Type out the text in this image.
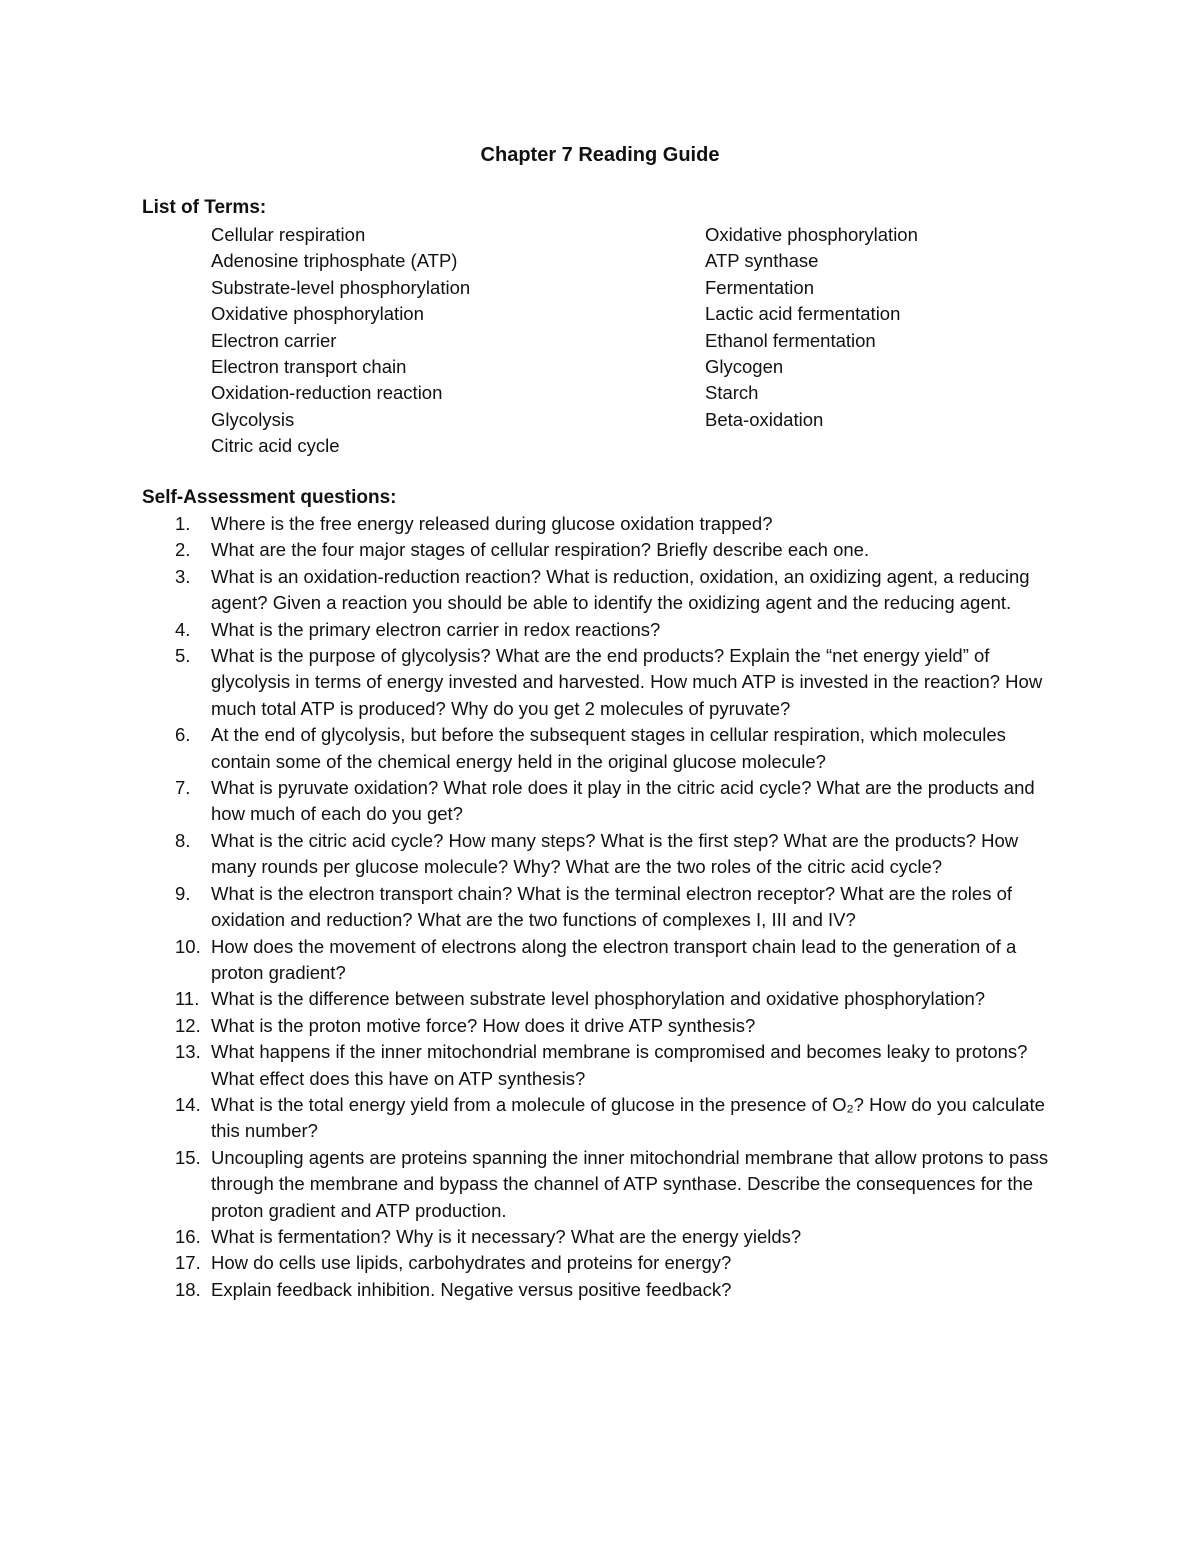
Chapter 7 Reading Guide
List of Terms:
Cellular respiration
Adenosine triphosphate (ATP)
Substrate-level phosphorylation
Oxidative phosphorylation
Electron carrier
Electron transport chain
Oxidation-reduction reaction
Glycolysis
Citric acid cycle
Oxidative phosphorylation
ATP synthase
Fermentation
Lactic acid fermentation
Ethanol fermentation
Glycogen
Starch
Beta-oxidation
Self-Assessment questions:
1.	Where is the free energy released during glucose oxidation trapped?
2.	What are the four major stages of cellular respiration? Briefly describe each one.
3.	What is an oxidation-reduction reaction? What is reduction, oxidation, an oxidizing agent, a reducing agent? Given a reaction you should be able to identify the oxidizing agent and the reducing agent.
4.	What is the primary electron carrier in redox reactions?
5.	What is the purpose of glycolysis? What are the end products? Explain the “net energy yield” of glycolysis in terms of energy invested and harvested. How much ATP is invested in the reaction? How much total ATP is produced? Why do you get 2 molecules of pyruvate?
6.	At the end of glycolysis, but before the subsequent stages in cellular respiration, which molecules contain some of the chemical energy held in the original glucose molecule?
7.	What is pyruvate oxidation? What role does it play in the citric acid cycle? What are the products and how much of each do you get?
8.	What is the citric acid cycle? How many steps? What is the first step? What are the products? How many rounds per glucose molecule? Why? What are the two roles of the citric acid cycle?
9.	What is the electron transport chain? What is the terminal electron receptor? What are the roles of oxidation and reduction? What are the two functions of complexes I, III and IV?
10. How does the movement of electrons along the electron transport chain lead to the generation of a proton gradient?
11. What is the difference between substrate level phosphorylation and oxidative phosphorylation?
12. What is the proton motive force? How does it drive ATP synthesis?
13. What happens if the inner mitochondrial membrane is compromised and becomes leaky to protons? What effect does this have on ATP synthesis?
14. What is the total energy yield from a molecule of glucose in the presence of O₂? How do you calculate this number?
15. Uncoupling agents are proteins spanning the inner mitochondrial membrane that allow protons to pass through the membrane and bypass the channel of ATP synthase. Describe the consequences for the proton gradient and ATP production.
16. What is fermentation? Why is it necessary? What are the energy yields?
17. How do cells use lipids, carbohydrates and proteins for energy?
18. Explain feedback inhibition. Negative versus positive feedback?
